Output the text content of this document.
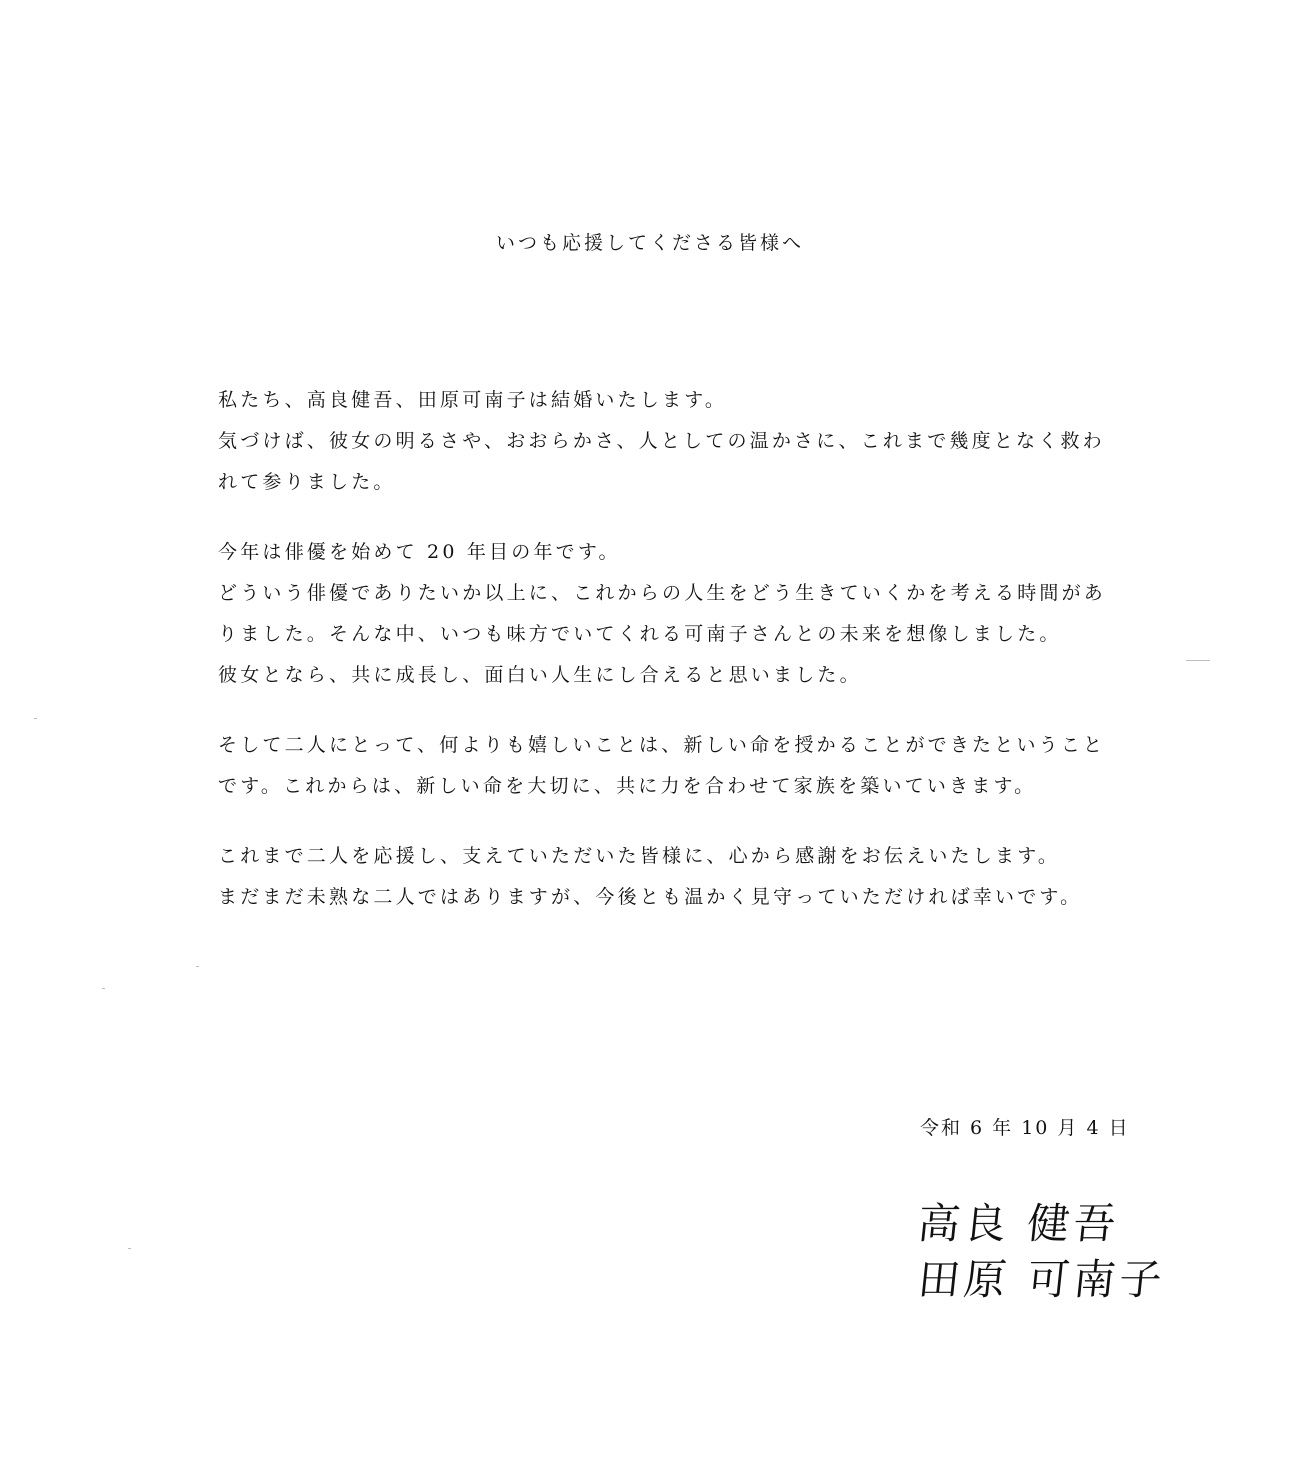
いつも応援してくださる皆様へ
私たち、高良健吾、田原可南子は結婚いたします。
気づけば、彼女の明るさや、おおらかさ、人としての温かさに、これまで幾度となく救わ
れて参りました。
今年は俳優を始めて 20 年目の年です。
どういう俳優でありたいか以上に、これからの人生をどう生きていくかを考える時間があ
りました。そんな中、いつも味方でいてくれる可南子さんとの未来を想像しました。
彼女となら、共に成長し、面白い人生にし合えると思いました。
そして二人にとって、何よりも嬉しいことは、新しい命を授かることができたということ
です。これからは、新しい命を大切に、共に力を合わせて家族を築いていきます。
これまで二人を応援し、支えていただいた皆様に、心から感謝をお伝えいたします。
まだまだ未熟な二人ではありますが、今後とも温かく見守っていただければ幸いです。
令和 6 年 10 月 4 日
高良 健吾
田原 可南子
